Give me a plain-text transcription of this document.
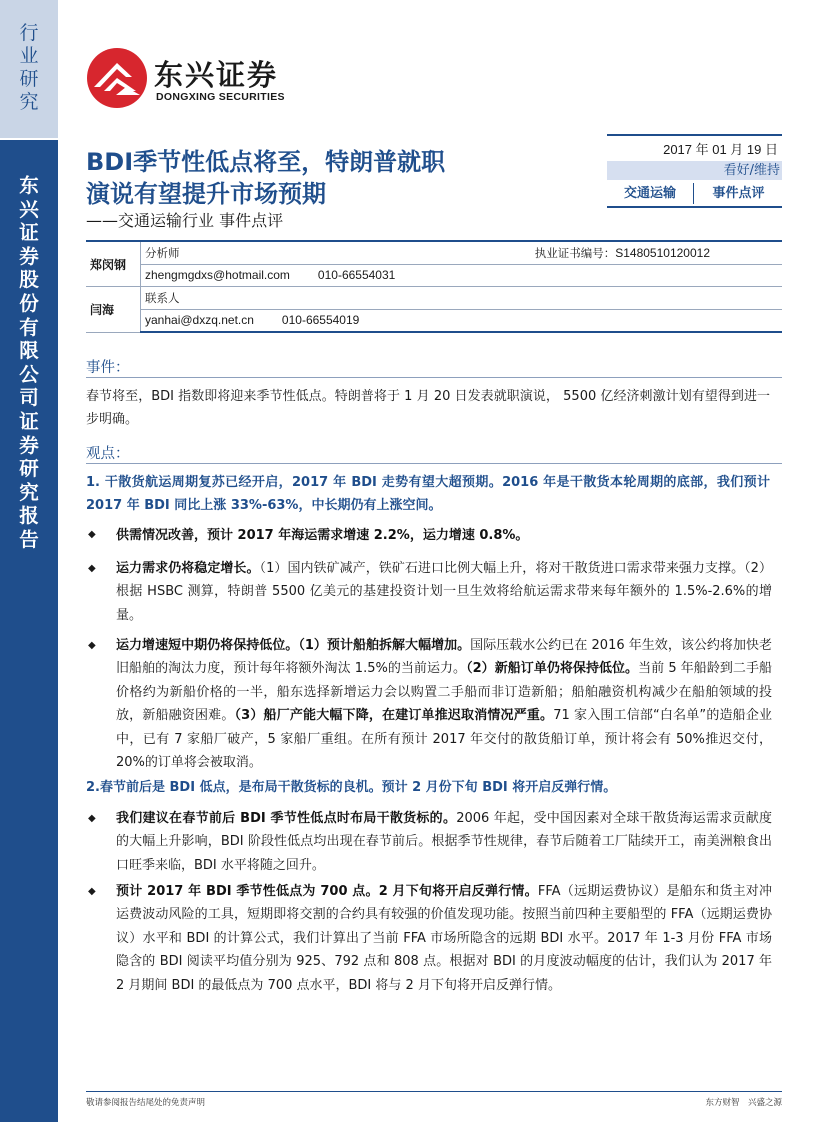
行
业
研
究
东
兴
证
券
股
份
有
限
公
司
证
券
研
究
报
告
东兴证券
DONGXING SECURITIES
BDI季节性低点将至，特朗普就职
演说有望提升市场预期
——交通运输行业 事件点评
2017 年 01 月 19 日
看好/维持
交通运输	事件点评
郑闵钢	分析师 执业证书编号：S1480510120012

	zhengmgdxs@hotmail.com 010-66554031
闫海	联系人
	yanhai@dxzq.net.cn 010-66554019
事件：
春节将至，BDI 指数即将迎来季节性低点。特朗普将于 1 月 20 日发表就职演说， 5500 亿经济刺激计划有望得到进一步明确。
观点：
1. 干散货航运周期复苏已经开启，2017 年 BDI 走势有望大超预期。2016 年是干散货本轮周期的底部，我们预计 2017 年 BDI 同比上涨 33%-63%，中长期仍有上涨空间。
◆ 供需情况改善，预计 2017 年海运需求增速 2.2%，运力增速 0.8%。
◆ 运力需求仍将稳定增长。（1）国内铁矿减产，铁矿石进口比例大幅上升，将对干散货进口需求带来强力支撑。（2）根据 HSBC 测算，特朗普 5500 亿美元的基建投资计划一旦生效将给航运需求带来每年额外的 1.5%-2.6%的增量。
◆ 运力增速短中期仍将保持低位。（1）预计船舶拆解大幅增加。国际压载水公约已在 2016 年生效，该公约将加快老旧船舶的淘汰力度，预计每年将额外淘汰 1.5%的当前运力。（2）新船订单仍将保持低位。当前 5 年船龄到二手船价格约为新船价格的一半，船东选择新增运力会以购置二手船而非订造新船；船舶融资机构减少在船舶领域的投放，新船融资困难。（3）船厂产能大幅下降，在建订单推迟取消情况严重。71 家入围工信部“白名单”的造船企业中，已有 7 家船厂破产，5 家船厂重组。在所有预计 2017 年交付的散货船订单，预计将会有 50%推迟交付，20%的订单将会被取消。
2.春节前后是 BDI 低点，是布局干散货标的良机。预计 2 月份下旬 BDI 将开启反弹行情。
◆ 我们建议在春节前后 BDI 季节性低点时布局干散货标的。2006 年起，受中国因素对全球干散货海运需求贡献度的大幅上升影响，BDI 阶段性低点均出现在春节前后。根据季节性规律，春节后随着工厂陆续开工，南美洲粮食出口旺季来临，BDI 水平将随之回升。
◆ 预计 2017 年 BDI 季节性低点为 700 点。2 月下旬将开启反弹行情。FFA（远期运费协议）是船东和货主对冲运费波动风险的工具，短期即将交割的合约具有较强的价值发现功能。按照当前四种主要船型的 FFA（远期运费协议）水平和 BDI 的计算公式，我们计算出了当前 FFA 市场所隐含的远期 BDI 水平。2017 年 1-3 月份 FFA 市场隐含的 BDI 阅读平均值分别为 925、792 点和 808 点。根据对 BDI 的月度波动幅度的估计，我们认为 2017 年 2 月期间 BDI 的最低点为 700 点水平，BDI 将与 2 月下旬将开启反弹行情。
敬请参阅报告结尾处的免责声明	东方财智　兴盛之源
